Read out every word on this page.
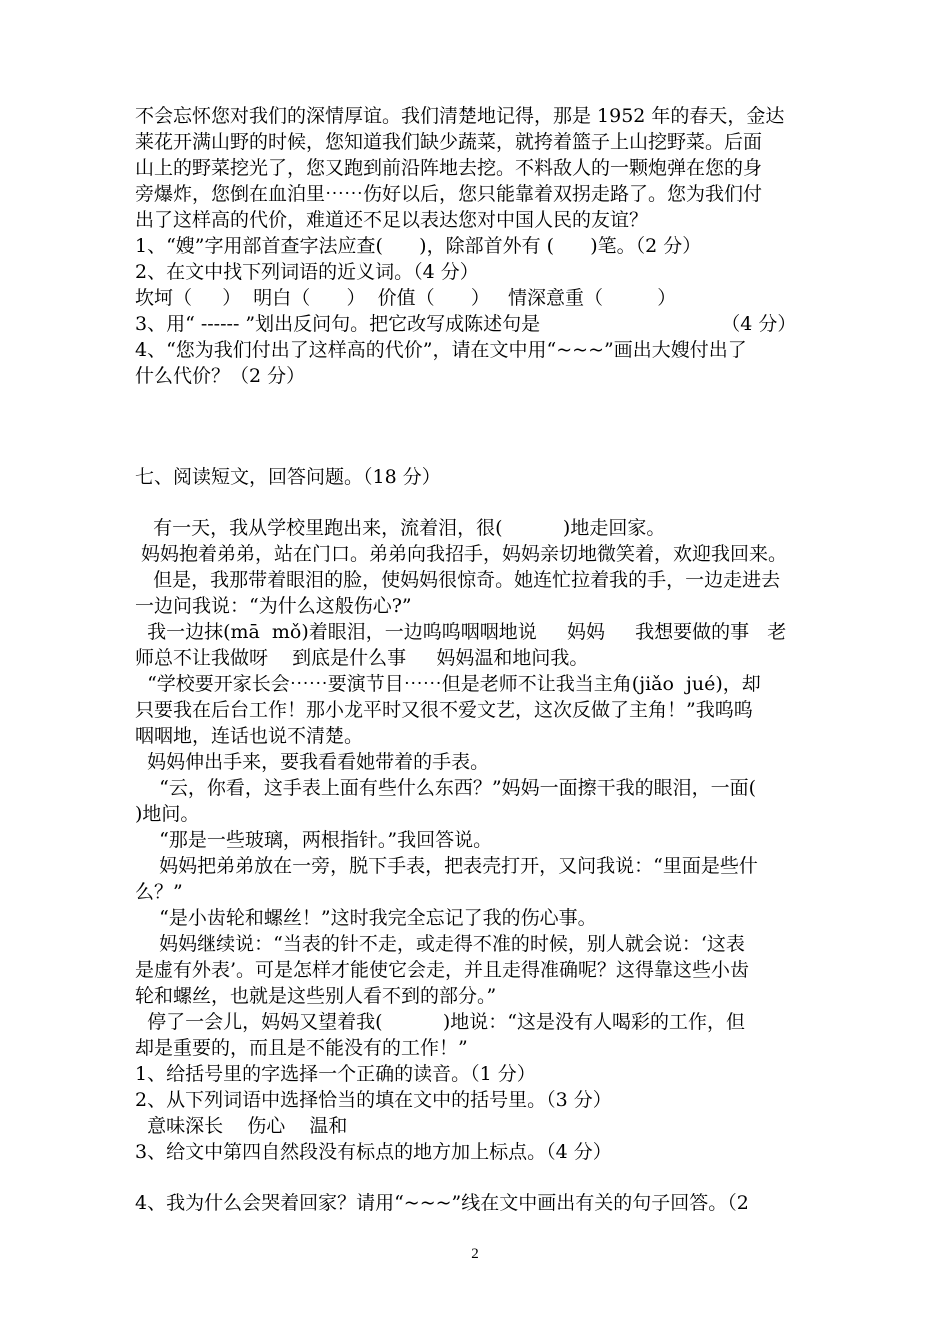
不会忘怀您对我们的深情厚谊。我们清楚地记得，那是 1952 年的春天，金达
莱花开满山野的时候，您知道我们缺少蔬菜，就挎着篮子上山挖野菜。后面
山上的野菜挖光了，您又跑到前沿阵地去挖。不料敌人的一颗炮弹在您的身
旁爆炸，您倒在血泊里⋯⋯伤好以后，您只能靠着双拐走路了。您为我们付
出了这样高的代价，难道还不足以表达您对中国人民的友谊？
1、“嫂”字用部首查字法应查(      )，除部首外有 (      )笔。（2 分）
2、在文中找下列词语的近义词。（4 分）
坎坷（     ）  明白（      ）  价值（      ）   情深意重（         ）
3、用“ ------ ”划出反问句。把它改写成陈述句是                              （4 分）
4、“您为我们付出了这样高的代价”，请在文中用“~~~”画出大嫂付出了
什么代价？（2 分）
七、阅读短文，回答问题。（18 分）
有一天，我从学校里跑出来，流着泪，很(          )地走回家。
妈妈抱着弟弟，站在门口。弟弟向我招手，妈妈亲切地微笑着，欢迎我回来。
但是，我那带着眼泪的脸，使妈妈很惊奇。她连忙拉着我的手，一边走进去
一边问我说：“为什么这般伤心?”
我一边抹(mā  mǒ)着眼泪，一边呜呜咽咽地说     妈妈     我想要做的事   老
师总不让我做呀    到底是什么事     妈妈温和地问我。
“学校要开家长会⋯⋯要演节目⋯⋯但是老师不让我当主角(jiǎo  jué)，却
只要我在后台工作！那小龙平时又很不爱文艺，这次反做了主角！”我呜呜
咽咽地，连话也说不清楚。
妈妈伸出手来，要我看看她带着的手表。
“云，你看，这手表上面有些什么东西？”妈妈一面擦干我的眼泪，一面(
)地问。
“那是一些玻璃，两根指针。”我回答说。
妈妈把弟弟放在一旁，脱下手表，把表壳打开，又问我说：“里面是些什
么？”
“是小齿轮和螺丝！”这时我完全忘记了我的伤心事。
妈妈继续说：“当表的针不走，或走得不准的时候，别人就会说：‘这表
是虚有外表’。可是怎样才能使它会走，并且走得准确呢？这得靠这些小齿
轮和螺丝，也就是这些别人看不到的部分。”
停了一会儿，妈妈又望着我(          )地说：“这是没有人喝彩的工作，但
却是重要的，而且是不能没有的工作！”
1、给括号里的字选择一个正确的读音。（1 分）
2、从下列词语中选择恰当的填在文中的括号里。（3 分）
意味深长    伤心    温和
3、给文中第四自然段没有标点的地方加上标点。（4 分）
4、我为什么会哭着回家？请用“~~~”线在文中画出有关的句子回答。（2
2
